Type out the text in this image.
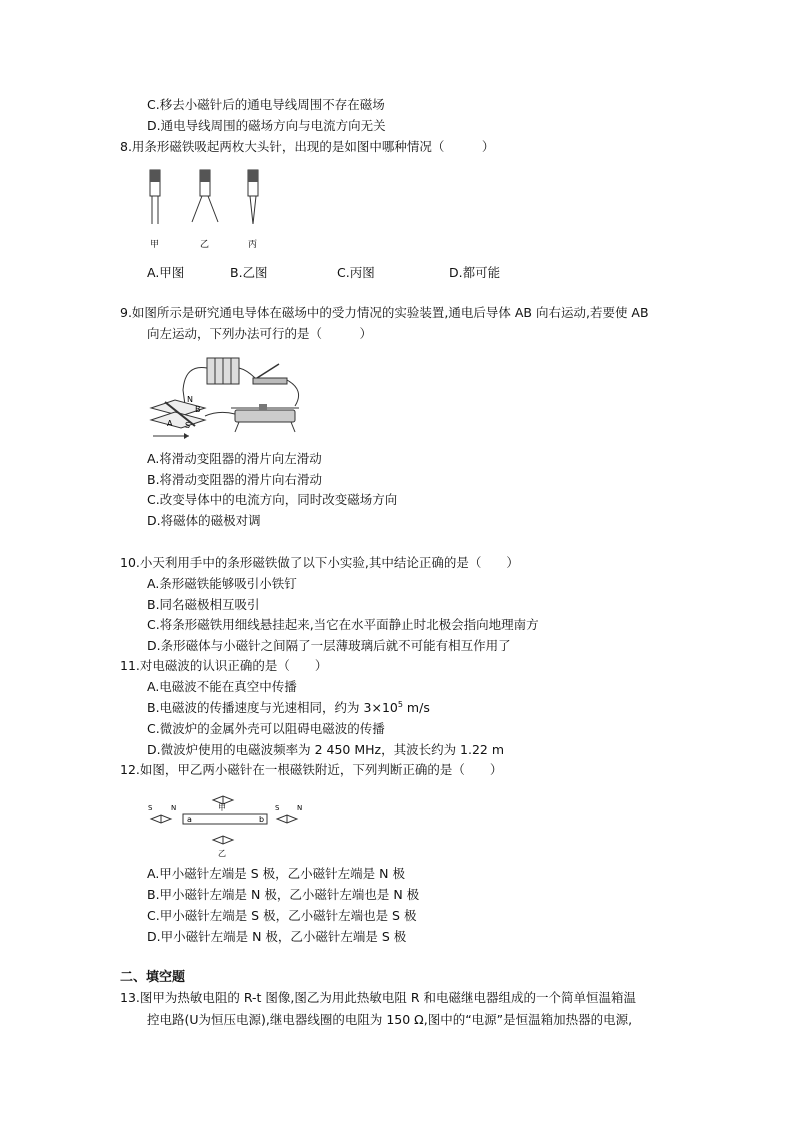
C.移去小磁针后的通电导线周围不存在磁场
D.通电导线周围的磁场方向与电流方向无关
8.用条形磁铁吸起两枚大头针，出现的是如图中哪种情况（　　　）
甲	乙	丙
A.甲图	B.乙图	C.丙图	D.都可能
9.如图所示是研究通电导体在磁场中的受力情况的实验装置,通电后导体 AB 向右运动,若要使 AB
向左运动，下列办法可行的是（　　　）
N
B
A S
A.将滑动变阻器的滑片向左滑动
B.将滑动变阻器的滑片向右滑动
C.改变导体中的电流方向，同时改变磁场方向
D.将磁体的磁极对调
10.小天利用手中的条形磁铁做了以下小实验,其中结论正确的是（　　）
A.条形磁铁能够吸引小铁钉
B.同名磁极相互吸引
C.将条形磁铁用细线悬挂起来,当它在水平面静止时北极会指向地理南方
D.条形磁体与小磁针之间隔了一层薄玻璃后就不可能有相互作用了
11.对电磁波的认识正确的是（　　）
A.电磁波不能在真空中传播
B.电磁波的传播速度与光速相同，约为 $3\times 10^5$ m/s
C.微波炉的金属外壳可以阻碍电磁波的传播
D.微波炉使用的电磁波频率为 2 450 MHz，其波长约为 1.22 m
12.如图，甲乙两小磁针在一根磁铁附近，下列判断正确的是（　　）
甲
a	b
S	N	S	N
乙
A.甲小磁针左端是 S 极，乙小磁针左端是 N 极
B.甲小磁针左端是 N 极，乙小磁针左端也是 N 极
C.甲小磁针左端是 S 极，乙小磁针左端也是 S 极
D.甲小磁针左端是 N 极，乙小磁针左端是 S 极
二、填空题
13.图甲为热敏电阻的 R-t 图像,图乙为用此热敏电阻 R 和电磁继电器组成的一个简单恒温箱温
控电路(U为恒压电源),继电器线圈的电阻为 150 Ω,图中的“电源”是恒温箱加热器的电源,
